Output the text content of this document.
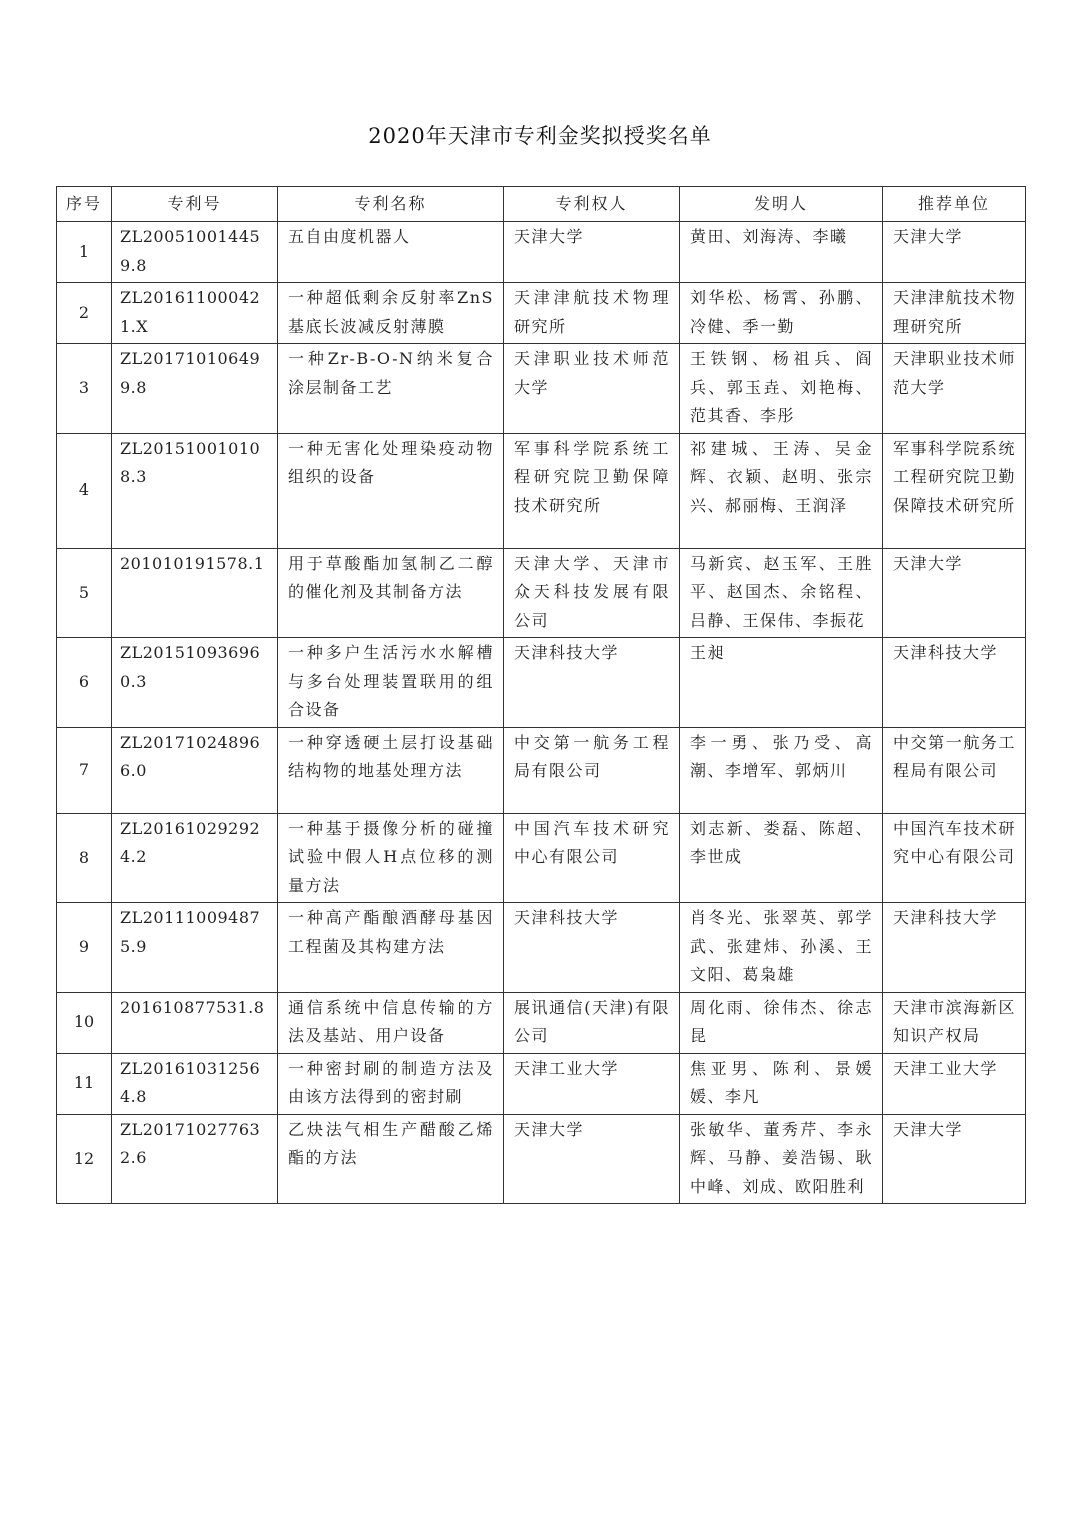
2020年天津市专利金奖拟授奖名单
序号	专利号	专利名称	专利权人	发明人	推荐单位
1	ZL200510014459.8	五自由度机器人	天津大学	黄田、刘海涛、李曦	天津大学
2	ZL201611000421.X	一种超低剩余反射率ZnS基底长波减反射薄膜	天津津航技术物理研究所	刘华松、杨霄、孙鹏、冷健、季一勤	天津津航技术物理研究所
3	ZL201710106499.8	一种Zr-B-O-N纳米复合涂层制备工艺	天津职业技术师范大学	王铁钢、杨祖兵、阎兵、郭玉垚、刘艳梅、范其香、李彤	天津职业技术师范大学
4	ZL201510010108.3	一种无害化处理染疫动物组织的设备	军事科学院系统工程研究院卫勤保障技术研究所	祁建城、王涛、吴金辉、衣颖、赵明、张宗兴、郝丽梅、王润泽	军事科学院系统工程研究院卫勤保障技术研究所
5	201010191578.1	用于草酸酯加氢制乙二醇的催化剂及其制备方法	天津大学、天津市众天科技发展有限公司	马新宾、赵玉军、王胜平、赵国杰、余铭程、吕静、王保伟、李振花	天津大学
6	ZL201510936960.3	一种多户生活污水水解槽与多台处理装置联用的组合设备	天津科技大学	王昶	天津科技大学
7	ZL201710248966.0	一种穿透硬土层打设基础结构物的地基处理方法	中交第一航务工程局有限公司	李一勇、张乃受、高潮、李增军、郭炳川	中交第一航务工程局有限公司
8	ZL201610292924.2	一种基于摄像分析的碰撞试验中假人H点位移的测量方法	中国汽车技术研究中心有限公司	刘志新、娄磊、陈超、李世成	中国汽车技术研究中心有限公司
9	ZL201110094875.9	一种高产酯酿酒酵母基因工程菌及其构建方法	天津科技大学	肖冬光、张翠英、郭学武、张建炜、孙溪、王文阳、葛枭雄	天津科技大学
10	201610877531.8	通信系统中信息传输的方法及基站、用户设备	展讯通信(天津)有限公司	周化雨、徐伟杰、徐志昆	天津市滨海新区知识产权局
11	ZL201610312564.8	一种密封刷的制造方法及由该方法得到的密封刷	天津工业大学	焦亚男、陈利、景媛媛、李凡	天津工业大学
12	ZL201710277632.6	乙炔法气相生产醋酸乙烯酯的方法	天津大学	张敏华、董秀芹、李永辉、马静、姜浩锡、耿中峰、刘成、欧阳胜利	天津大学
